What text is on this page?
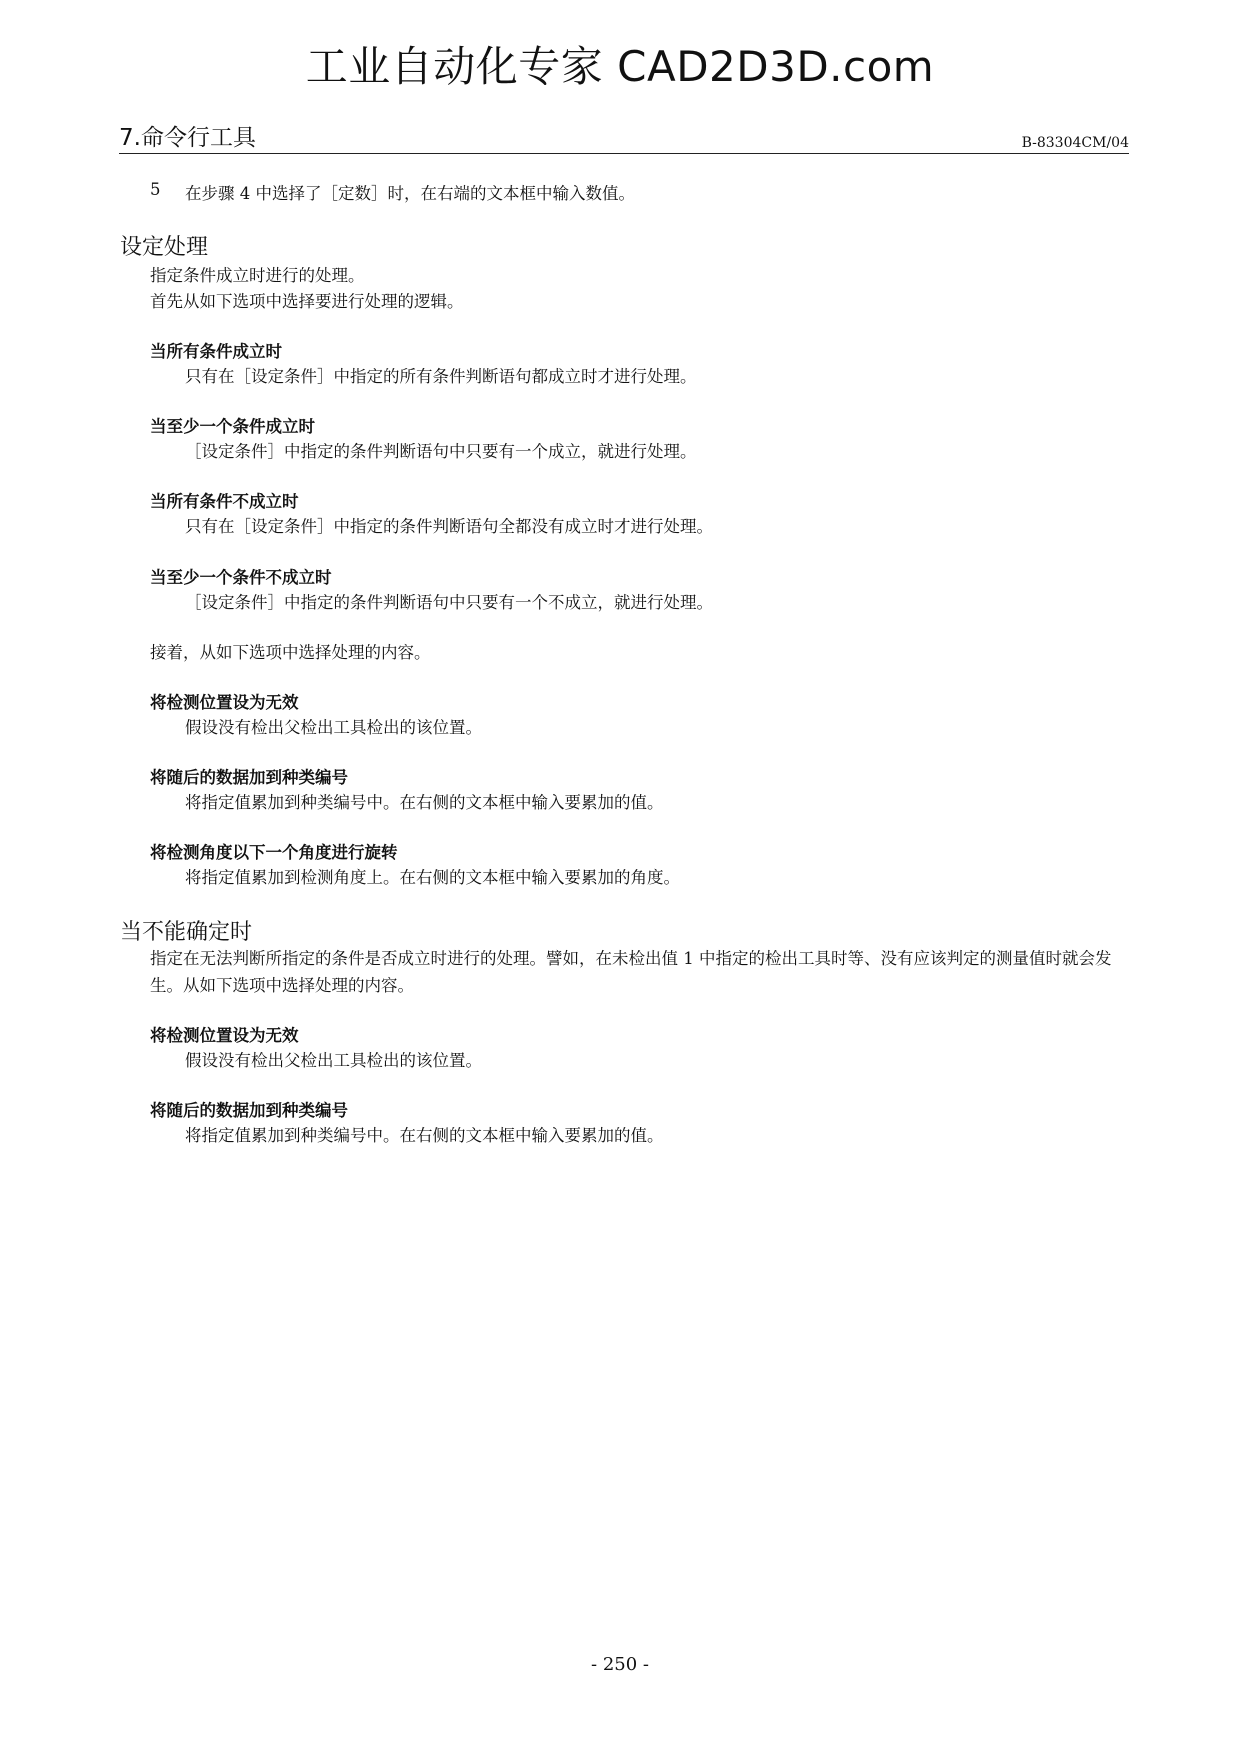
工业自动化专家 CAD2D3D.com
7.命令行工具	B-83304CM/04
5 在步骤 4 中选择了［定数］时，在右端的文本框中输入数值。
设定处理
指定条件成立时进行的处理。
首先从如下选项中选择要进行处理的逻辑。
当所有条件成立时
只有在［设定条件］中指定的所有条件判断语句都成立时才进行处理。
当至少一个条件成立时
［设定条件］中指定的条件判断语句中只要有一个成立，就进行处理。
当所有条件不成立时
只有在［设定条件］中指定的条件判断语句全都没有成立时才进行处理。
当至少一个条件不成立时
［设定条件］中指定的条件判断语句中只要有一个不成立，就进行处理。
接着，从如下选项中选择处理的内容。
将检测位置设为无效
假设没有检出父检出工具检出的该位置。
将随后的数据加到种类编号
将指定值累加到种类编号中。在右侧的文本框中输入要累加的值。
将检测角度以下一个角度进行旋转
将指定值累加到检测角度上。在右侧的文本框中输入要累加的角度。
当不能确定时
指定在无法判断所指定的条件是否成立时进行的处理。譬如，在未检出值 1 中指定的检出工具时等、没有应该判定的测量值时就会发生。从如下选项中选择处理的内容。
将检测位置设为无效
假设没有检出父检出工具检出的该位置。
将随后的数据加到种类编号
将指定值累加到种类编号中。在右侧的文本框中输入要累加的值。
- 250 -
